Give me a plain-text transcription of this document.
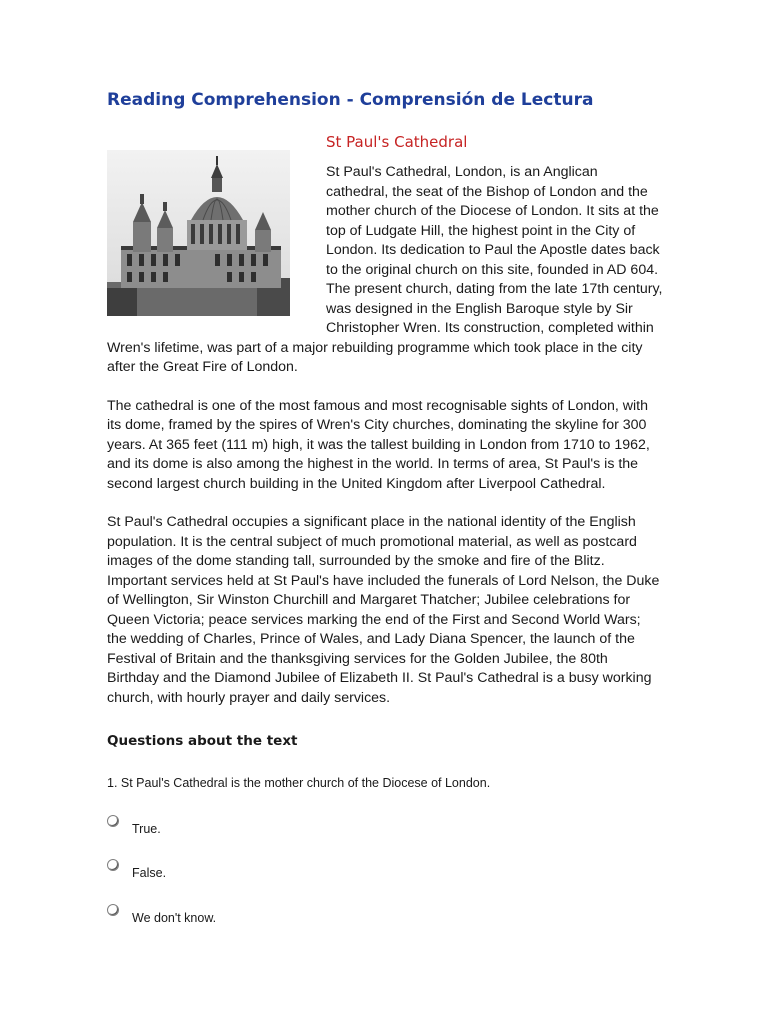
Reading Comprehension - Comprensión de Lectura
St Paul's Cathedral

St Paul's Cathedral, London, is an Anglican cathedral, the seat of the Bishop of London and the mother church of the Diocese of London. It sits at the top of Ludgate Hill, the highest point in the City of London. Its dedication to Paul the Apostle dates back to the original church on this site, founded in AD 604. The present church, dating from the late 17th century, was designed in the English Baroque style by Sir Christopher Wren. Its construction, completed within Wren's lifetime, was part of a major rebuilding programme which took place in the city after the Great Fire of London.

The cathedral is one of the most famous and most recognisable sights of London, with its dome, framed by the spires of Wren's City churches, dominating the skyline for 300 years. At 365 feet (111 m) high, it was the tallest building in London from 1710 to 1962, and its dome is also among the highest in the world. In terms of area, St Paul's is the second largest church building in the United Kingdom after Liverpool Cathedral.

St Paul's Cathedral occupies a significant place in the national identity of the English population. It is the central subject of much promotional material, as well as postcard images of the dome standing tall, surrounded by the smoke and fire of the Blitz. Important services held at St Paul's have included the funerals of Lord Nelson, the Duke of Wellington, Sir Winston Churchill and Margaret Thatcher; Jubilee celebrations for Queen Victoria; peace services marking the end of the First and Second World Wars; the wedding of Charles, Prince of Wales, and Lady Diana Spencer, the launch of the Festival of Britain and the thanksgiving services for the Golden Jubilee, the 80th Birthday and the Diamond Jubilee of Elizabeth II. St Paul's Cathedral is a busy working church, with hourly prayer and daily services.

Questions about the text
1. St Paul's Cathedral is the mother church of the Diocese of London.
True.
False.
We don't know.
